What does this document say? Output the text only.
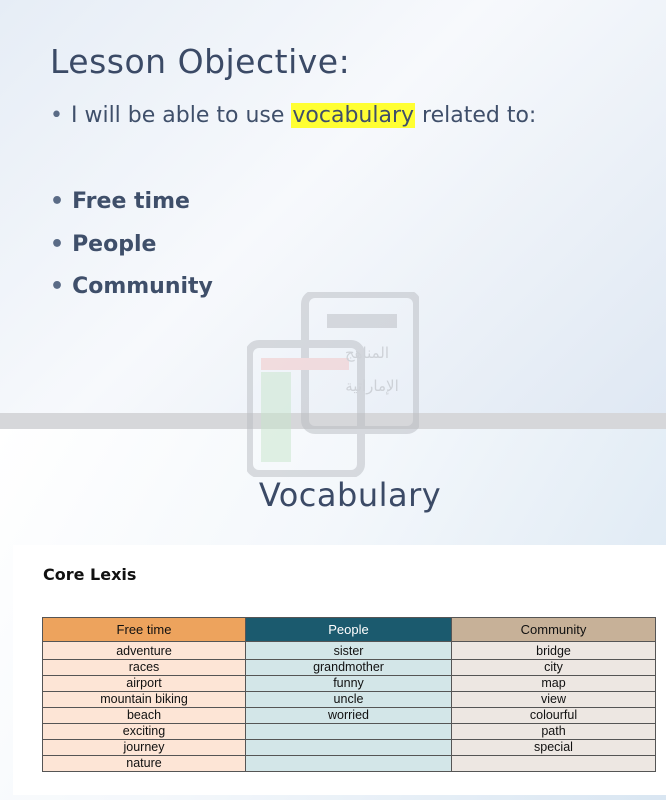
Lesson Objective:
• I will be able to use vocabulary related to:
• Free time
• People
• Community
المناهج
الإماراتية
Vocabulary
Core Lexis
Free time	People	Community
adventure	sister	bridge
races	grandmother	city
airport	funny	map
mountain biking	uncle	view
beach	worried	colourful
exciting		path
journey		special
nature		
